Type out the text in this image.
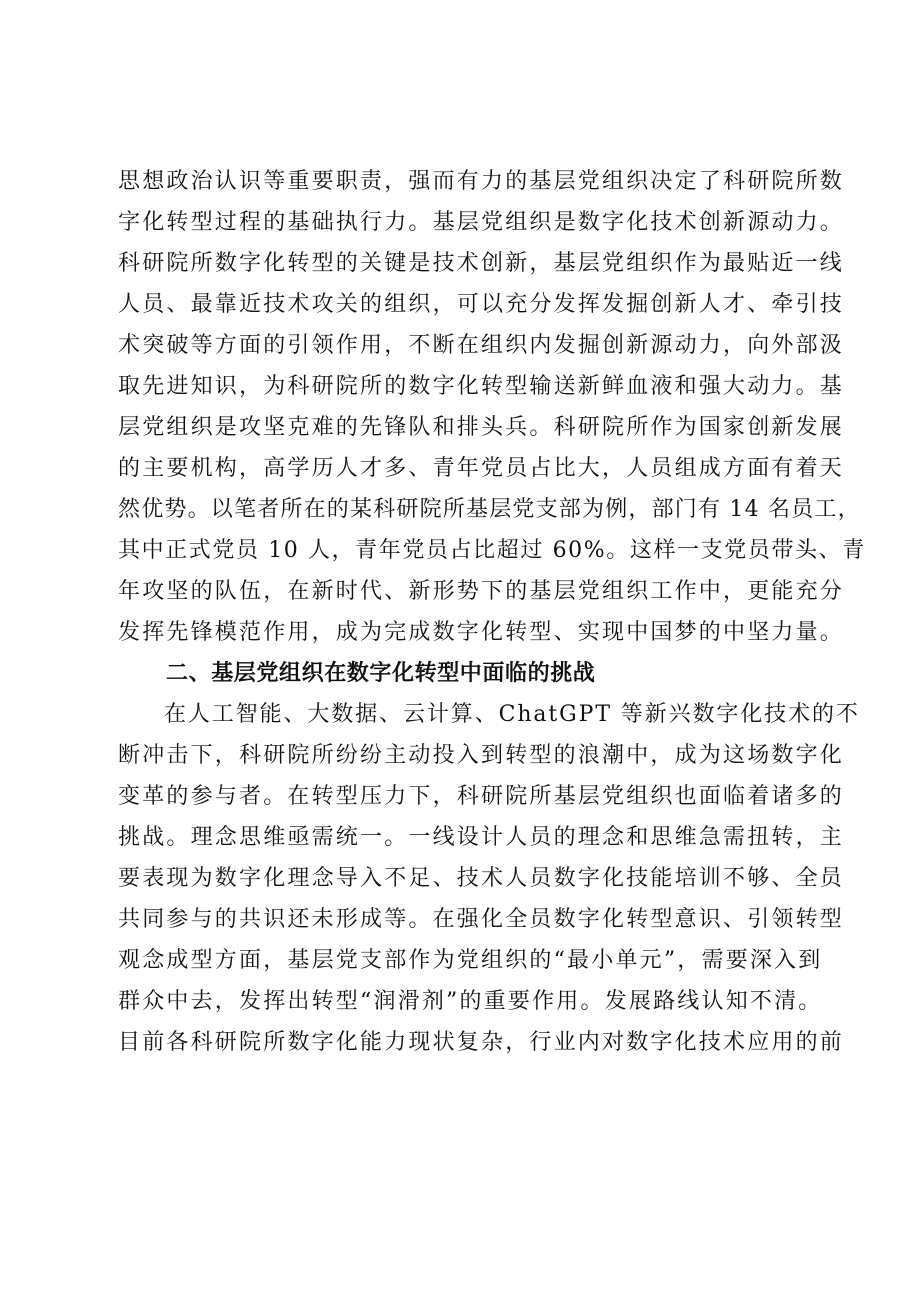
思想政治认识等重要职责，强而有力的基层党组织决定了科研院所数
字化转型过程的基础执行力。基层党组织是数字化技术创新源动力。
科研院所数字化转型的关键是技术创新，基层党组织作为最贴近一线
人员、最靠近技术攻关的组织，可以充分发挥发掘创新人才、牵引技
术突破等方面的引领作用，不断在组织内发掘创新源动力，向外部汲
取先进知识，为科研院所的数字化转型输送新鲜血液和强大动力。基
层党组织是攻坚克难的先锋队和排头兵。科研院所作为国家创新发展
的主要机构，高学历人才多、青年党员占比大，人员组成方面有着天
然优势。以笔者所在的某科研院所基层党支部为例，部门有 14 名员工，
其中正式党员 10 人，青年党员占比超过 60%。这样一支党员带头、青
年攻坚的队伍，在新时代、新形势下的基层党组织工作中，更能充分
发挥先锋模范作用，成为完成数字化转型、实现中国梦的中坚力量。
二、基层党组织在数字化转型中面临的挑战
在人工智能、大数据、云计算、ChatGPT 等新兴数字化技术的不
断冲击下，科研院所纷纷主动投入到转型的浪潮中，成为这场数字化
变革的参与者。在转型压力下，科研院所基层党组织也面临着诸多的
挑战。理念思维亟需统一。一线设计人员的理念和思维急需扭转，主
要表现为数字化理念导入不足、技术人员数字化技能培训不够、全员
共同参与的共识还未形成等。在强化全员数字化转型意识、引领转型
观念成型方面，基层党支部作为党组织的“最小单元”，需要深入到
群众中去，发挥出转型“润滑剂”的重要作用。发展路线认知不清。
目前各科研院所数字化能力现状复杂，行业内对数字化技术应用的前
